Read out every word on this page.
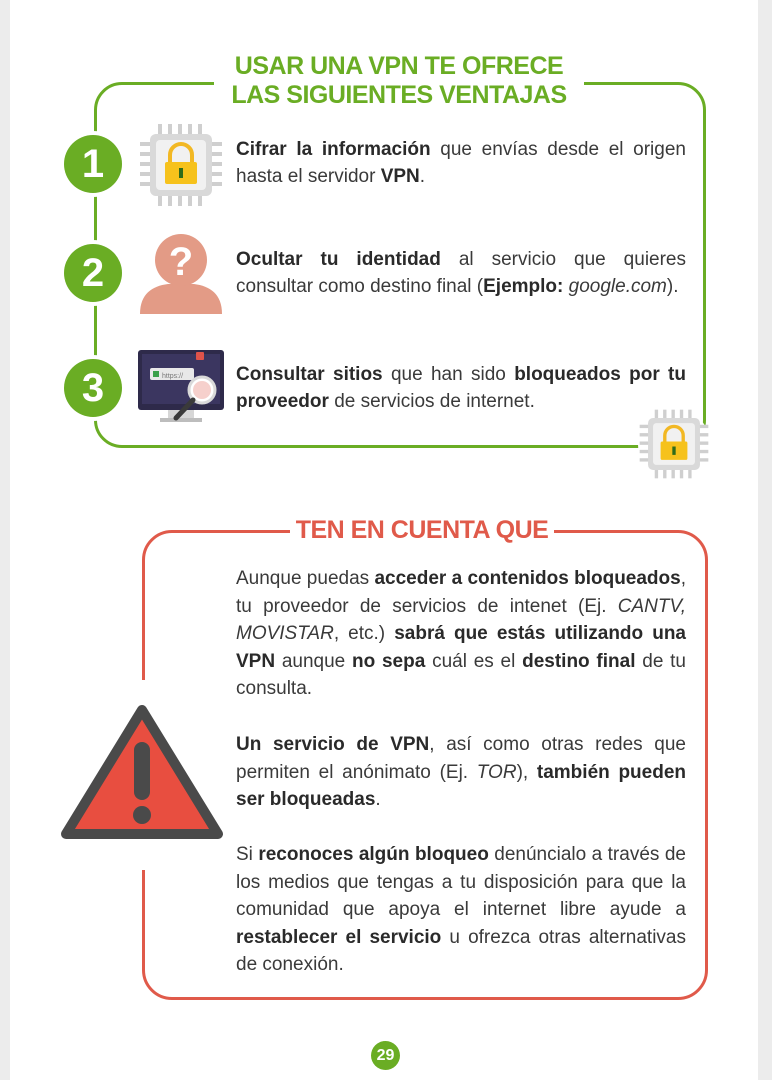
USAR UNA VPN TE OFRECE
LAS SIGUIENTES VENTAJAS
1	Cifrar la información que envías desde el origen hasta el servidor VPN.
2	? Ocultar tu identidad al servicio que quieres consultar como destino final (Ejemplo: google.com).
3	https://	Consultar sitios que han sido bloqueados por tu proveedor de servicios de internet.
TEN EN CUENTA QUE
Aunque puedas acceder a contenidos bloqueados, tu proveedor de servicios de intenet (Ej. CANTV, MOVISTAR, etc.) sabrá que estás utilizando una VPN aunque no sepa cuál es el destino final de tu consulta.
Un servicio de VPN, así como otras redes que permiten el anónimato (Ej. TOR), también pueden ser bloqueadas.
Si reconoces algún bloqueo denúncialo a través de los medios que tengas a tu disposición para que la comunidad que apoya el internet libre ayude a restablecer el servicio u ofrezca otras alternativas de conexión.
29
